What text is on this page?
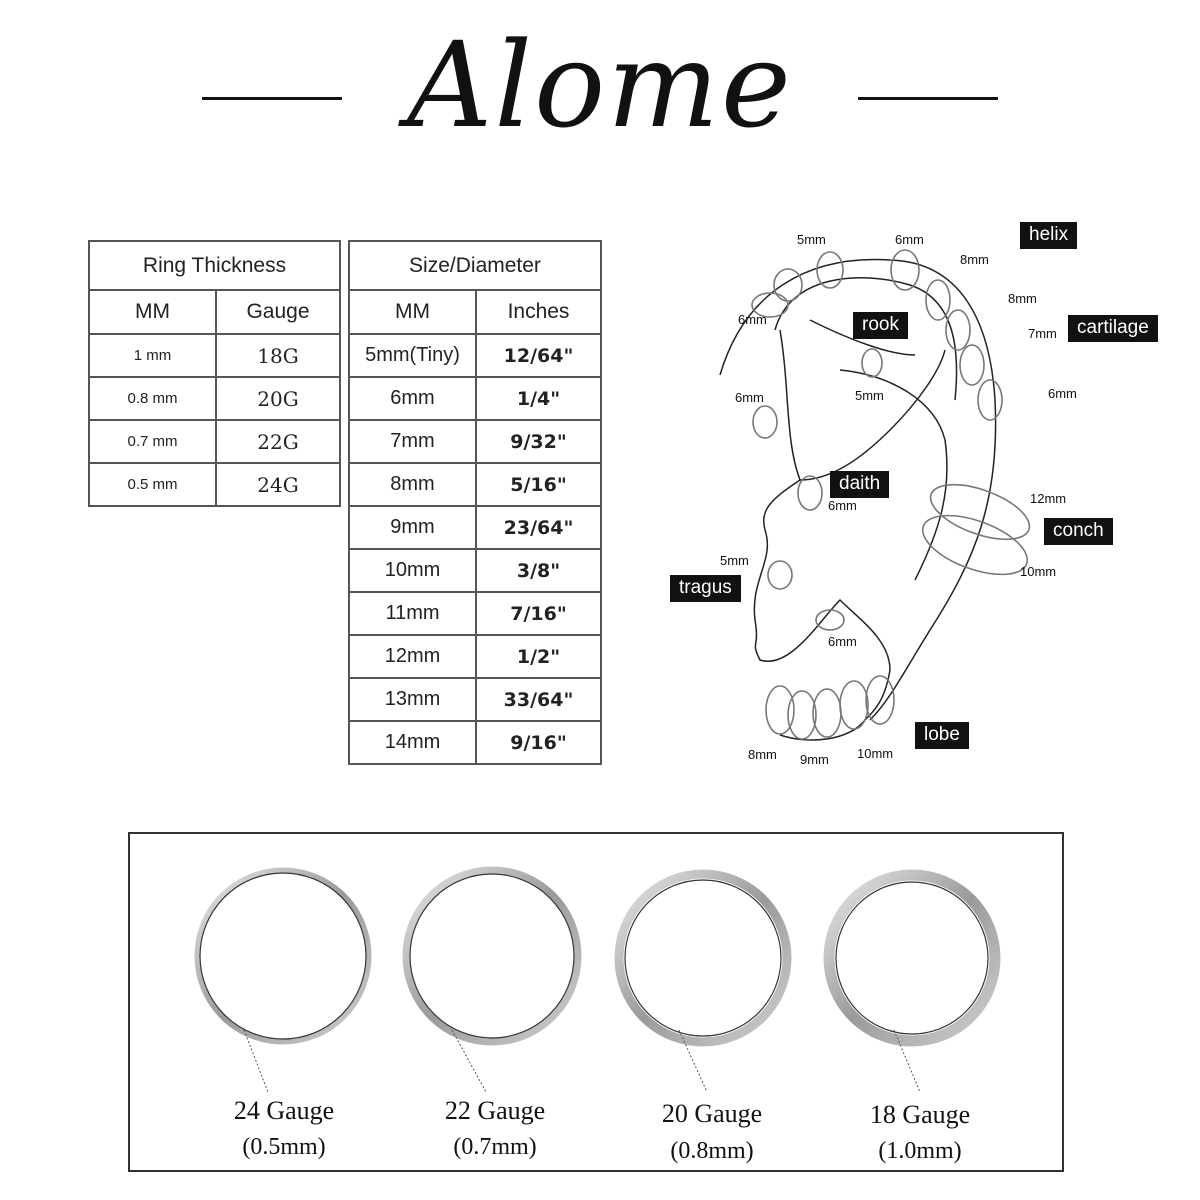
Alome
Ring Thickness	
MM	Gauge
1 mm	18G
0.8 mm	20G
0.7 mm	22G
0.5 mm	24G
Size/Diameter	
MM	Inches
5mm(Tiny)	12/64"
6mm	1/4"
7mm	9/32"
8mm	5/16"
9mm	23/64"
10mm	3/8"
11mm	7/16"
12mm	1/2"
13mm	33/64"
14mm	9/16"
helix
rook	cartilage
daith
conch
tragus
lobe
5mm	6mm
8mm
8mm
7mm
6mm
6mm
5mm
6mm
6mm	12mm
10mm
5mm
6mm
8mm 9mm 10mm
24 Gauge
(0.5mm)
22 Gauge
(0.7mm)
20 Gauge
(0.8mm)
18 Gauge
(1.0mm)
